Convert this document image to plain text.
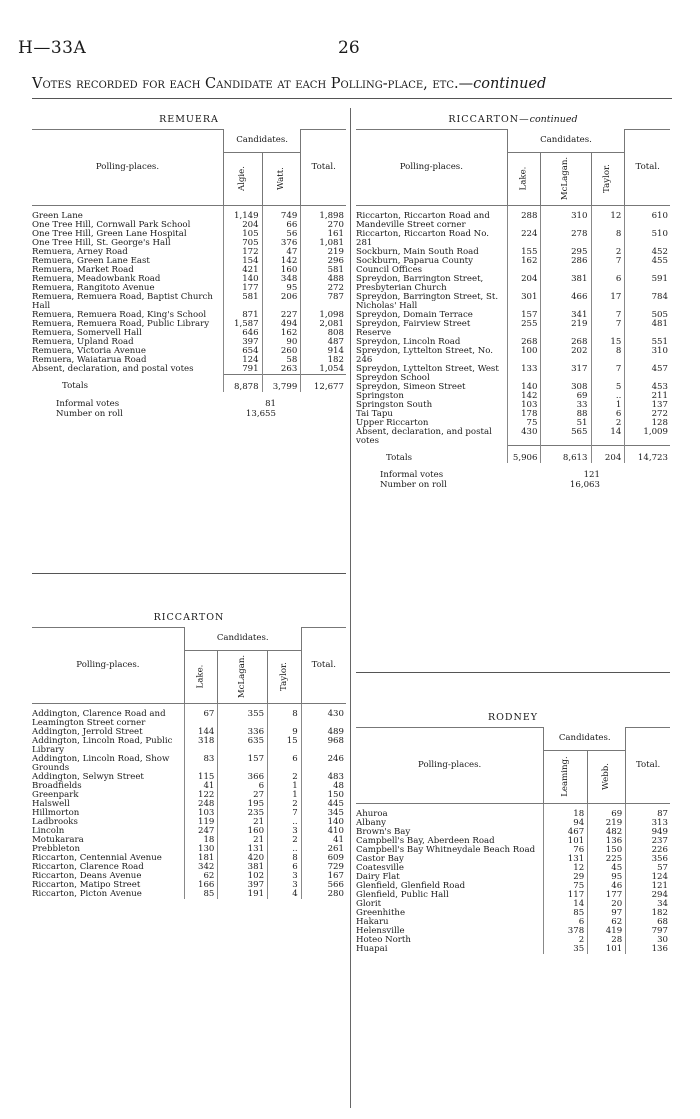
H—33A	26
Votes recorded for each Candidate at each Polling-place, etc.—continued
REMUERA
Polling-places.	Candidates.		Total.
	Algie.	Watt.	
Green Lane	1,149	749	1,898
One Tree Hill, Cornwall Park School	204	66	270
One Tree Hill, Green Lane Hospital	105	56	161
One Tree Hill, St. George's Hall	705	376	1,081
Remuera, Arney Road	172	47	219
Remuera, Green Lane East	154	142	296
Remuera, Market Road	421	160	581
Remuera, Meadowbank Road	140	348	488
Remuera, Rangitoto Avenue	177	95	272
Remuera, Remuera Road, Baptist Church Hall	581	206	787
Remuera, Remuera Road, King's School	871	227	1,098
Remuera, Remuera Road, Public Library	1,587	494	2,081
Remuera, Somervell Hall	646	162	808
Remuera, Upland Road	397	90	487
Remuera, Victoria Avenue	654	260	914
Remuera, Waiatarua Road	124	58	182
Absent, declaration, and postal votes	791	263	1,054
Totals	8,878	3,799	12,677
Informal votes	81
Number on roll	13,655
RICCARTON
Polling-places.	Candidates.			Total.
	Lake.	McLagan.	Taylor.	
Addington, Clarence Road and Leamington Street corner	67	355	8	430
Addington, Jerrold Street	144	336	9	489
Addington, Lincoln Road, Public Library	318	635	15	968
Addington, Lincoln Road, Show Grounds	83	157	6	246
Addington, Selwyn Street	115	366	2	483
Broadfields	41	6	1	48
Greenpark	122	27	1	150
Halswell	248	195	2	445
Hillmorton	103	235	7	345
Ladbrooks	119	21	..	140
Lincoln	247	160	3	410
Motukarara	18	21	2	41
Prebbleton	130	131	..	261
Riccarton, Centennial Avenue	181	420	8	609
Riccarton, Clarence Road	342	381	6	729
Riccarton, Deans Avenue	62	102	3	167
Riccarton, Matipo Street	166	397	3	566
Riccarton, Picton Avenue	85	191	4	280
RICCARTON—continued
Polling-places.	Candidates.			Total.
	Lake.	McLagan.	Taylor.	
Riccarton, Riccarton Road and Mandeville Street corner	288	310	12	610
Riccarton, Riccarton Road No. 281	224	278	8	510
Sockburn, Main South Road	155	295	2	452
Sockburn, Paparua County Council Offices	162	286	7	455
Spreydon, Barrington Street, Presbyterian Church	204	381	6	591
Spreydon, Barrington Street, St. Nicholas' Hall	301	466	17	784
Spreydon, Domain Terrace	157	341	7	505
Spreydon, Fairview Street Reserve	255	219	7	481
Spreydon, Lincoln Road	268	268	15	551
Spreydon, Lyttelton Street, No. 246	100	202	8	310
Spreydon, Lyttelton Street, West Spreydon School	133	317	7	457
Spreydon, Simeon Street	140	308	5	453
Springston	142	69	..	211
Springston South	103	33	1	137
Tai Tapu	178	88	6	272
Upper Riccarton	75	51	2	128
Absent, declaration, and postal votes	430	565	14	1,009
Totals	5,906	8,613	204	14,723
Informal votes	121
Number on roll	16,063
RODNEY
Polling-places.	Candidates.		Total.
	Leaming.	Webb.	
Ahuroa	18	69	87
Albany	94	219	313
Brown's Bay	467	482	949
Campbell's Bay, Aberdeen Road	101	136	237
Campbell's Bay Whitneydale Beach Road	76	150	226
Castor Bay	131	225	356
Coatesville	12	45	57
Dairy Flat	29	95	124
Glenfield, Glenfield Road	75	46	121
Glenfield, Public Hall	117	177	294
Glorit	14	20	34
Greenhithe	85	97	182
Hakaru	6	62	68
Helensville	378	419	797
Hoteo North	2	28	30
Huapai	35	101	136
